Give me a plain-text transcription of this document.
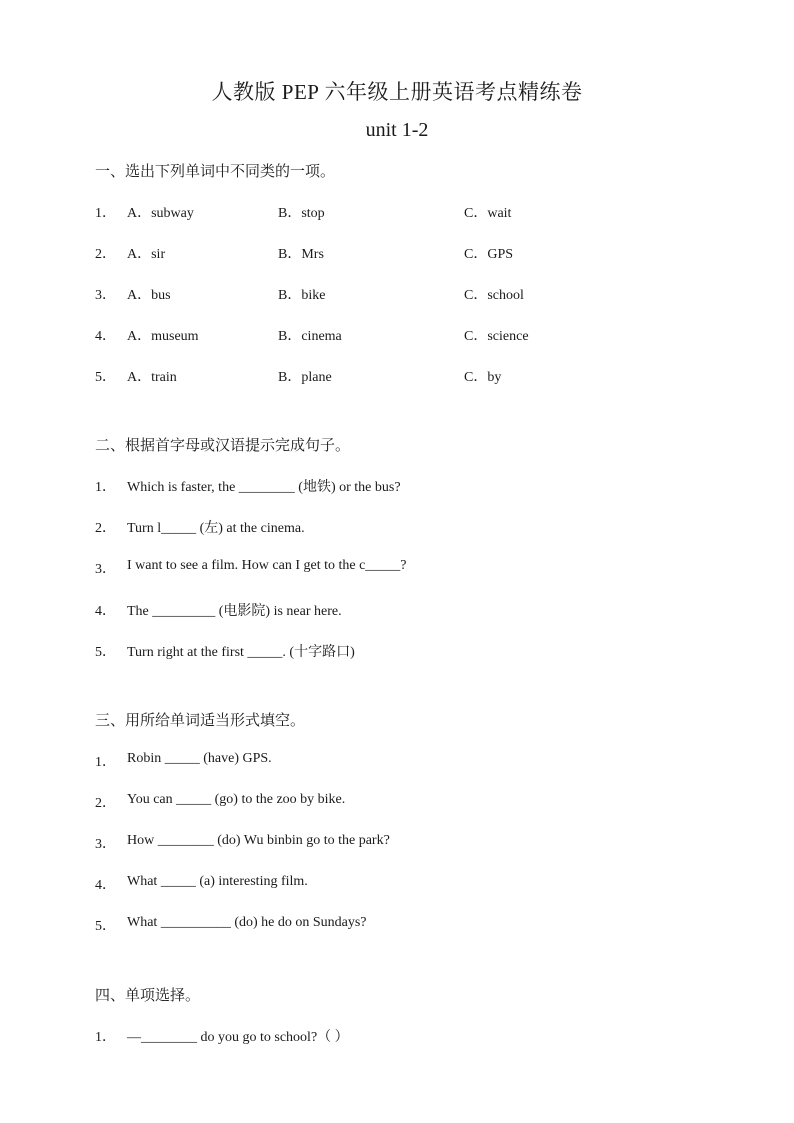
人教版 PEP 六年级上册英语考点精练卷
unit 1-2
一、选出下列单词中不同类的一项。
1． A．subway	B．stop	C．wait
2． A．sir	B．Mrs	C．GPS
3． A．bus	B．bike	C．school
4． A．museum	B．cinema	C．science
5． A．train	B．plane	C．by
二、根据首字母或汉语提示完成句子。
1． Which is faster, the ________ (地铁) or the bus?
2． Turn l_____ (左) at the cinema.
3． I want to see a film. How can I get to the c_____?
4． The _________ (电影院) is near here.
5． Turn right at the first _____. (十字路口)
三、用所给单词适当形式填空。
1． Robin _____ (have) GPS.
2． You can _____ (go) to the zoo by bike.
3． How ________ (do) Wu binbin go to the park?
4． What _____ (a) interesting film.
5． What __________ (do) he do on Sundays?
四、单项选择。
1． —________ do you go to school?（ ）
